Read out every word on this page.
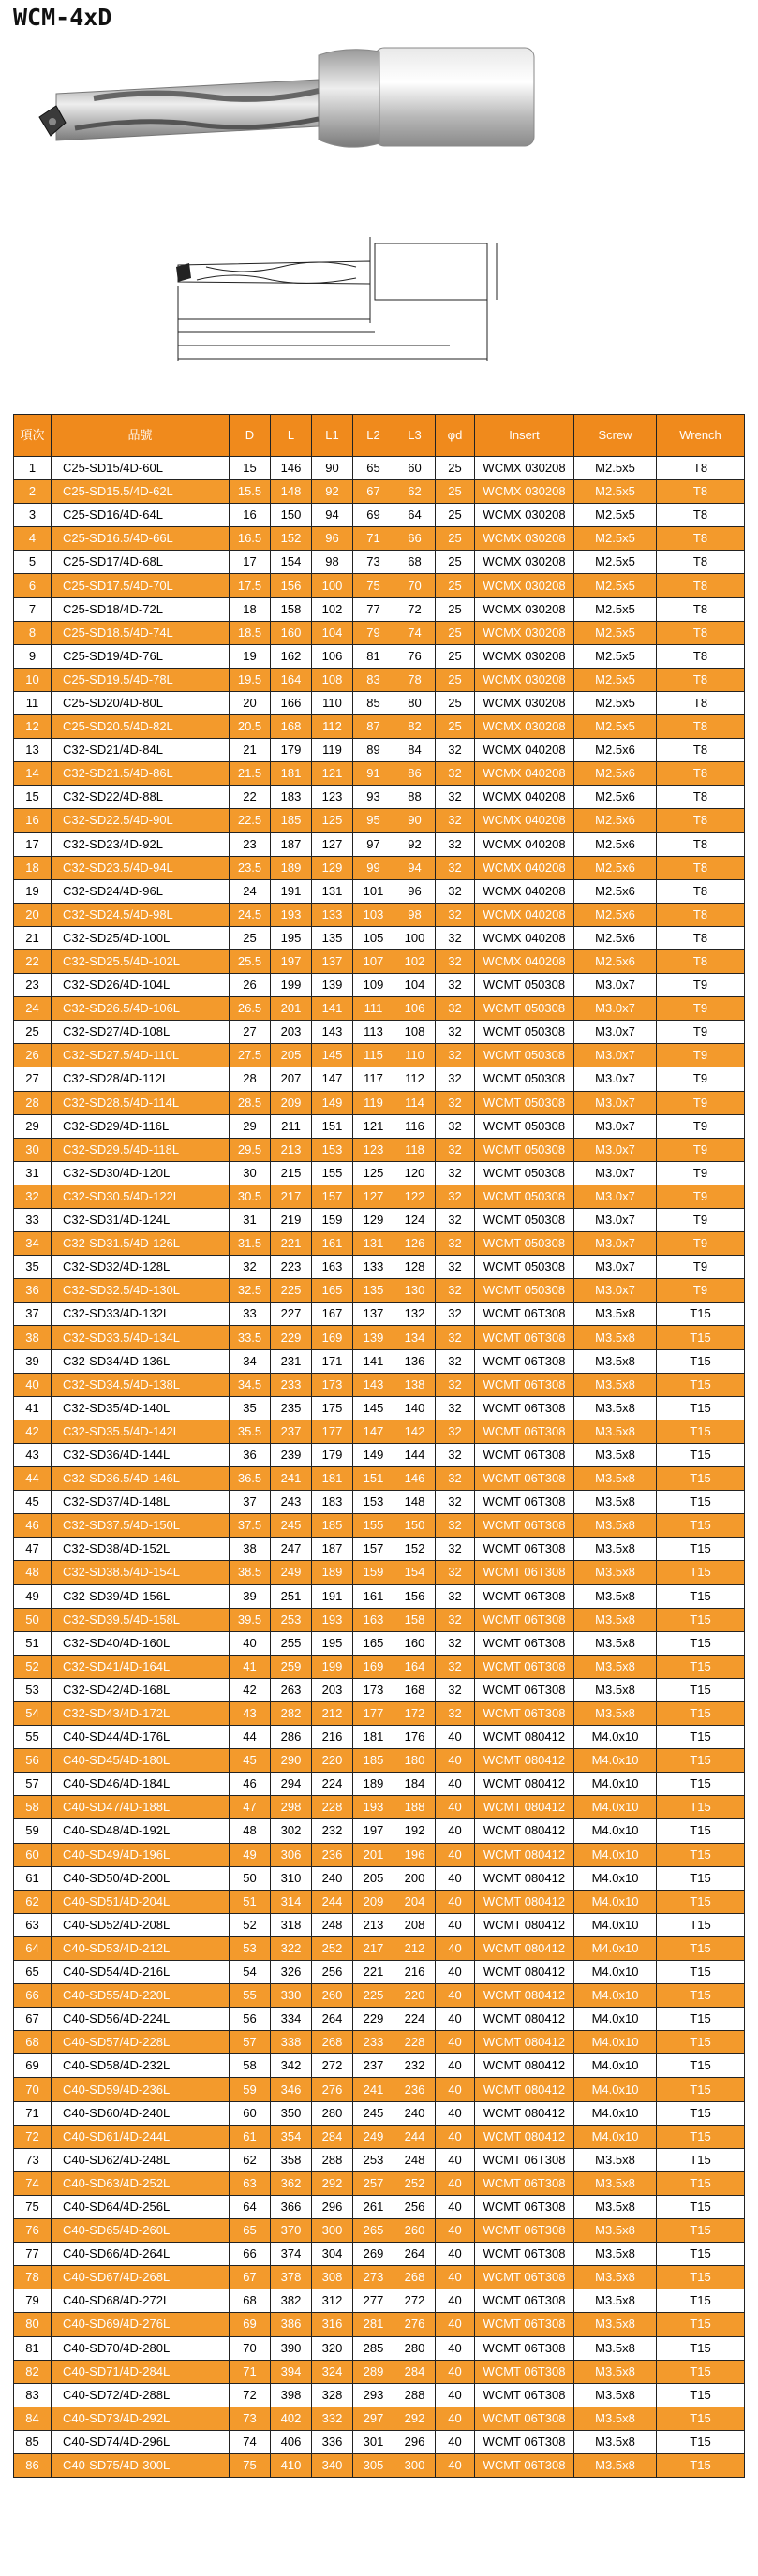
WCM-4xD
項次	品號	D	L	L1	L2	L3	φd	Insert	Screw	Wrench
1	C25-SD15/4D-60L	15	146	90	65	60	25	WCMX 030208	M2.5x5	T8
2	C25-SD15.5/4D-62L	15.5	148	92	67	62	25	WCMX 030208	M2.5x5	T8
3	C25-SD16/4D-64L	16	150	94	69	64	25	WCMX 030208	M2.5x5	T8
4	C25-SD16.5/4D-66L	16.5	152	96	71	66	25	WCMX 030208	M2.5x5	T8
5	C25-SD17/4D-68L	17	154	98	73	68	25	WCMX 030208	M2.5x5	T8
6	C25-SD17.5/4D-70L	17.5	156	100	75	70	25	WCMX 030208	M2.5x5	T8
7	C25-SD18/4D-72L	18	158	102	77	72	25	WCMX 030208	M2.5x5	T8
8	C25-SD18.5/4D-74L	18.5	160	104	79	74	25	WCMX 030208	M2.5x5	T8
9	C25-SD19/4D-76L	19	162	106	81	76	25	WCMX 030208	M2.5x5	T8
10	C25-SD19.5/4D-78L	19.5	164	108	83	78	25	WCMX 030208	M2.5x5	T8
11	C25-SD20/4D-80L	20	166	110	85	80	25	WCMX 030208	M2.5x5	T8
12	C25-SD20.5/4D-82L	20.5	168	112	87	82	25	WCMX 030208	M2.5x5	T8
13	C32-SD21/4D-84L	21	179	119	89	84	32	WCMX 040208	M2.5x6	T8
14	C32-SD21.5/4D-86L	21.5	181	121	91	86	32	WCMX 040208	M2.5x6	T8
15	C32-SD22/4D-88L	22	183	123	93	88	32	WCMX 040208	M2.5x6	T8
16	C32-SD22.5/4D-90L	22.5	185	125	95	90	32	WCMX 040208	M2.5x6	T8
17	C32-SD23/4D-92L	23	187	127	97	92	32	WCMX 040208	M2.5x6	T8
18	C32-SD23.5/4D-94L	23.5	189	129	99	94	32	WCMX 040208	M2.5x6	T8
19	C32-SD24/4D-96L	24	191	131	101	96	32	WCMX 040208	M2.5x6	T8
20	C32-SD24.5/4D-98L	24.5	193	133	103	98	32	WCMX 040208	M2.5x6	T8
21	C32-SD25/4D-100L	25	195	135	105	100	32	WCMX 040208	M2.5x6	T8
22	C32-SD25.5/4D-102L	25.5	197	137	107	102	32	WCMX 040208	M2.5x6	T8
23	C32-SD26/4D-104L	26	199	139	109	104	32	WCMT 050308	M3.0x7	T9
24	C32-SD26.5/4D-106L	26.5	201	141	111	106	32	WCMT 050308	M3.0x7	T9
25	C32-SD27/4D-108L	27	203	143	113	108	32	WCMT 050308	M3.0x7	T9
26	C32-SD27.5/4D-110L	27.5	205	145	115	110	32	WCMT 050308	M3.0x7	T9
27	C32-SD28/4D-112L	28	207	147	117	112	32	WCMT 050308	M3.0x7	T9
28	C32-SD28.5/4D-114L	28.5	209	149	119	114	32	WCMT 050308	M3.0x7	T9
29	C32-SD29/4D-116L	29	211	151	121	116	32	WCMT 050308	M3.0x7	T9
30	C32-SD29.5/4D-118L	29.5	213	153	123	118	32	WCMT 050308	M3.0x7	T9
31	C32-SD30/4D-120L	30	215	155	125	120	32	WCMT 050308	M3.0x7	T9
32	C32-SD30.5/4D-122L	30.5	217	157	127	122	32	WCMT 050308	M3.0x7	T9
33	C32-SD31/4D-124L	31	219	159	129	124	32	WCMT 050308	M3.0x7	T9
34	C32-SD31.5/4D-126L	31.5	221	161	131	126	32	WCMT 050308	M3.0x7	T9
35	C32-SD32/4D-128L	32	223	163	133	128	32	WCMT 050308	M3.0x7	T9
36	C32-SD32.5/4D-130L	32.5	225	165	135	130	32	WCMT 050308	M3.0x7	T9
37	C32-SD33/4D-132L	33	227	167	137	132	32	WCMT 06T308	M3.5x8	T15
38	C32-SD33.5/4D-134L	33.5	229	169	139	134	32	WCMT 06T308	M3.5x8	T15
39	C32-SD34/4D-136L	34	231	171	141	136	32	WCMT 06T308	M3.5x8	T15
40	C32-SD34.5/4D-138L	34.5	233	173	143	138	32	WCMT 06T308	M3.5x8	T15
41	C32-SD35/4D-140L	35	235	175	145	140	32	WCMT 06T308	M3.5x8	T15
42	C32-SD35.5/4D-142L	35.5	237	177	147	142	32	WCMT 06T308	M3.5x8	T15
43	C32-SD36/4D-144L	36	239	179	149	144	32	WCMT 06T308	M3.5x8	T15
44	C32-SD36.5/4D-146L	36.5	241	181	151	146	32	WCMT 06T308	M3.5x8	T15
45	C32-SD37/4D-148L	37	243	183	153	148	32	WCMT 06T308	M3.5x8	T15
46	C32-SD37.5/4D-150L	37.5	245	185	155	150	32	WCMT 06T308	M3.5x8	T15
47	C32-SD38/4D-152L	38	247	187	157	152	32	WCMT 06T308	M3.5x8	T15
48	C32-SD38.5/4D-154L	38.5	249	189	159	154	32	WCMT 06T308	M3.5x8	T15
49	C32-SD39/4D-156L	39	251	191	161	156	32	WCMT 06T308	M3.5x8	T15
50	C32-SD39.5/4D-158L	39.5	253	193	163	158	32	WCMT 06T308	M3.5x8	T15
51	C32-SD40/4D-160L	40	255	195	165	160	32	WCMT 06T308	M3.5x8	T15
52	C32-SD41/4D-164L	41	259	199	169	164	32	WCMT 06T308	M3.5x8	T15
53	C32-SD42/4D-168L	42	263	203	173	168	32	WCMT 06T308	M3.5x8	T15
54	C32-SD43/4D-172L	43	282	212	177	172	32	WCMT 06T308	M3.5x8	T15
55	C40-SD44/4D-176L	44	286	216	181	176	40	WCMT 080412	M4.0x10	T15
56	C40-SD45/4D-180L	45	290	220	185	180	40	WCMT 080412	M4.0x10	T15
57	C40-SD46/4D-184L	46	294	224	189	184	40	WCMT 080412	M4.0x10	T15
58	C40-SD47/4D-188L	47	298	228	193	188	40	WCMT 080412	M4.0x10	T15
59	C40-SD48/4D-192L	48	302	232	197	192	40	WCMT 080412	M4.0x10	T15
60	C40-SD49/4D-196L	49	306	236	201	196	40	WCMT 080412	M4.0x10	T15
61	C40-SD50/4D-200L	50	310	240	205	200	40	WCMT 080412	M4.0x10	T15
62	C40-SD51/4D-204L	51	314	244	209	204	40	WCMT 080412	M4.0x10	T15
63	C40-SD52/4D-208L	52	318	248	213	208	40	WCMT 080412	M4.0x10	T15
64	C40-SD53/4D-212L	53	322	252	217	212	40	WCMT 080412	M4.0x10	T15
65	C40-SD54/4D-216L	54	326	256	221	216	40	WCMT 080412	M4.0x10	T15
66	C40-SD55/4D-220L	55	330	260	225	220	40	WCMT 080412	M4.0x10	T15
67	C40-SD56/4D-224L	56	334	264	229	224	40	WCMT 080412	M4.0x10	T15
68	C40-SD57/4D-228L	57	338	268	233	228	40	WCMT 080412	M4.0x10	T15
69	C40-SD58/4D-232L	58	342	272	237	232	40	WCMT 080412	M4.0x10	T15
70	C40-SD59/4D-236L	59	346	276	241	236	40	WCMT 080412	M4.0x10	T15
71	C40-SD60/4D-240L	60	350	280	245	240	40	WCMT 080412	M4.0x10	T15
72	C40-SD61/4D-244L	61	354	284	249	244	40	WCMT 080412	M4.0x10	T15
73	C40-SD62/4D-248L	62	358	288	253	248	40	WCMT 06T308	M3.5x8	T15
74	C40-SD63/4D-252L	63	362	292	257	252	40	WCMT 06T308	M3.5x8	T15
75	C40-SD64/4D-256L	64	366	296	261	256	40	WCMT 06T308	M3.5x8	T15
76	C40-SD65/4D-260L	65	370	300	265	260	40	WCMT 06T308	M3.5x8	T15
77	C40-SD66/4D-264L	66	374	304	269	264	40	WCMT 06T308	M3.5x8	T15
78	C40-SD67/4D-268L	67	378	308	273	268	40	WCMT 06T308	M3.5x8	T15
79	C40-SD68/4D-272L	68	382	312	277	272	40	WCMT 06T308	M3.5x8	T15
80	C40-SD69/4D-276L	69	386	316	281	276	40	WCMT 06T308	M3.5x8	T15
81	C40-SD70/4D-280L	70	390	320	285	280	40	WCMT 06T308	M3.5x8	T15
82	C40-SD71/4D-284L	71	394	324	289	284	40	WCMT 06T308	M3.5x8	T15
83	C40-SD72/4D-288L	72	398	328	293	288	40	WCMT 06T308	M3.5x8	T15
84	C40-SD73/4D-292L	73	402	332	297	292	40	WCMT 06T308	M3.5x8	T15
85	C40-SD74/4D-296L	74	406	336	301	296	40	WCMT 06T308	M3.5x8	T15
86	C40-SD75/4D-300L	75	410	340	305	300	40	WCMT 06T308	M3.5x8	T15
